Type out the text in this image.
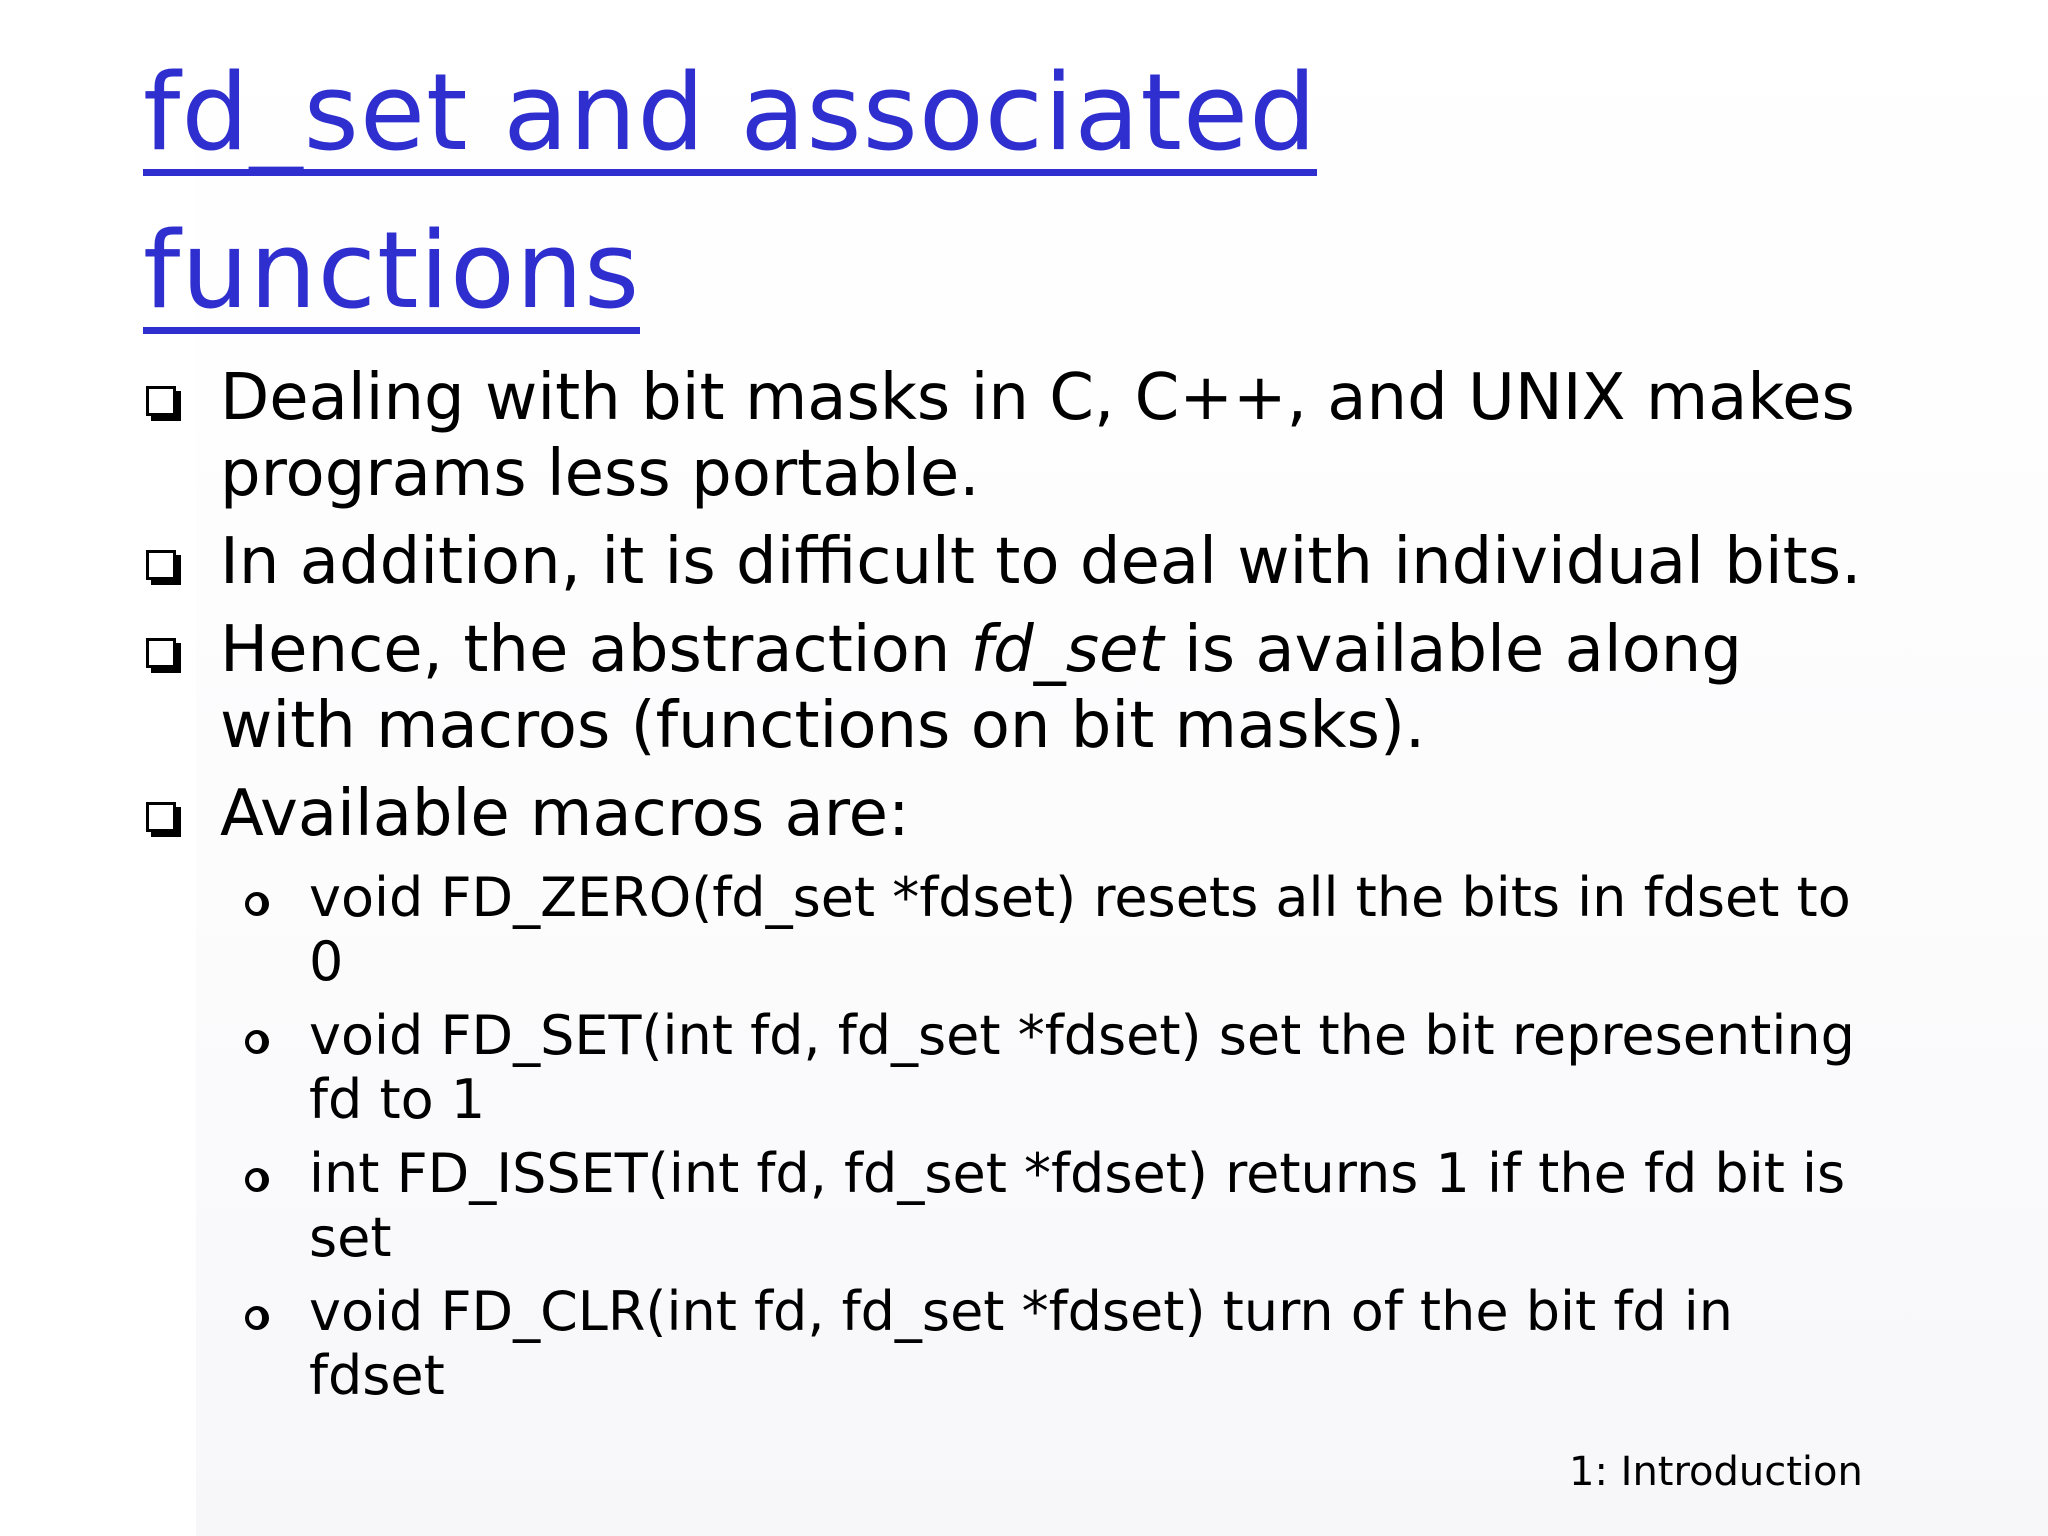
fd_set and associated
functions
Dealing with bit masks in C, C++, and UNIX makes programs less portable.
In addition, it is difficult to deal with individual bits.
Hence, the abstraction fd_set is available along with macros (functions on bit masks).
Available macros are:
void FD_ZERO(fd_set *fdset) resets all the bits in fdset to 0
void FD_SET(int fd, fd_set *fdset) set the bit representing fd to 1
int FD_ISSET(int fd, fd_set *fdset) returns 1 if the fd bit is set
void FD_CLR(int fd, fd_set *fdset) turn of the bit fd in fdset
1: Introduction
